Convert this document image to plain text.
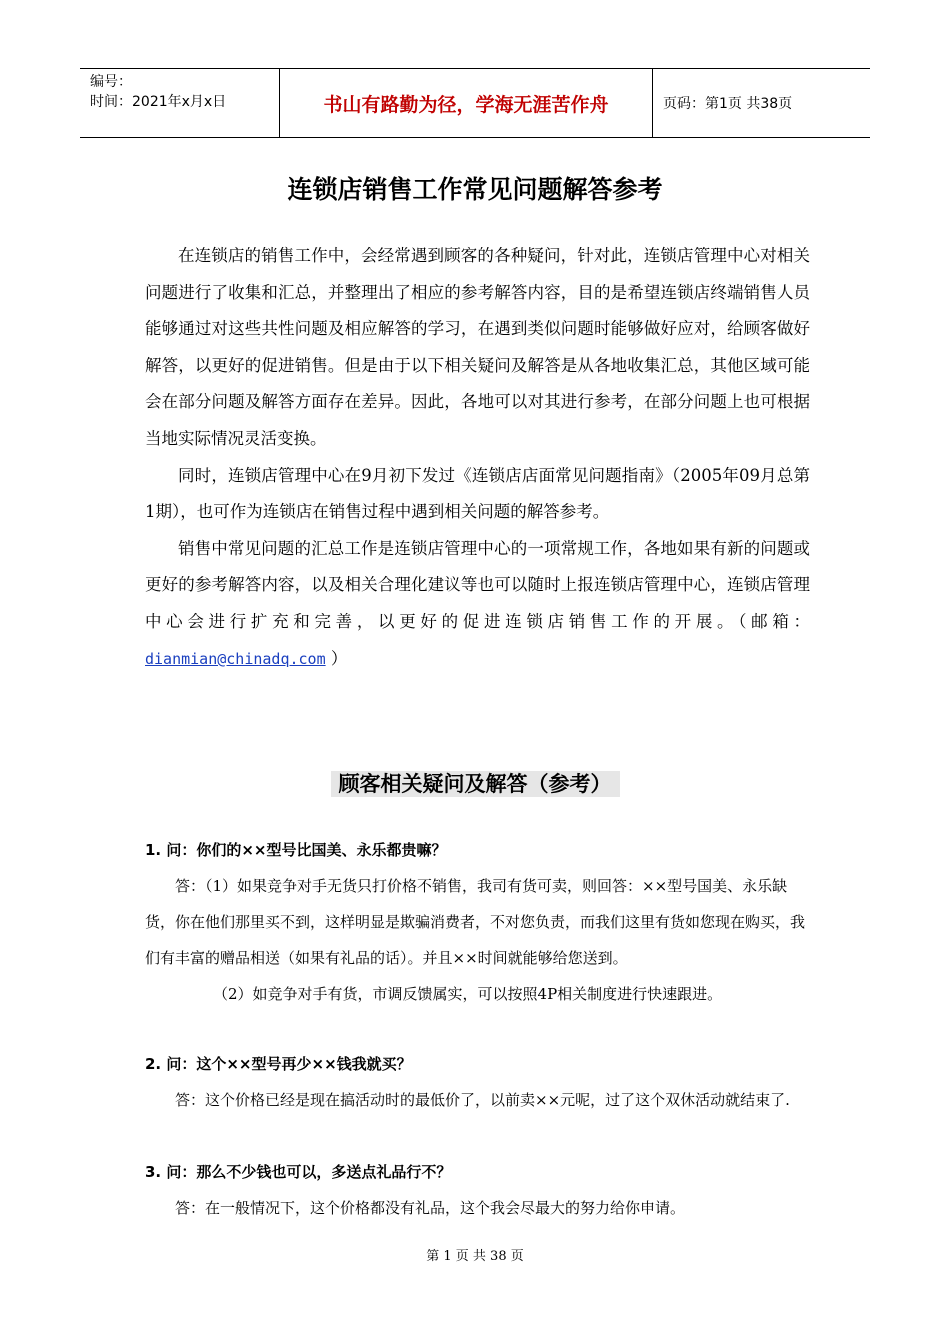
编号：
时间：2021年x月x日	书山有路勤为径，学海无涯苦作舟	页码：第1页 共38页
连锁店销售工作常见问题解答参考

在连锁店的销售工作中，会经常遇到顾客的各种疑问，针对此，连锁店管理中心对相关问题进行了收集和汇总，并整理出了相应的参考解答内容，目的是希望连锁店终端销售人员能够通过对这些共性问题及相应解答的学习，在遇到类似问题时能够做好应对，给顾客做好解答，以更好的促进销售。但是由于以下相关疑问及解答是从各地收集汇总，其他区域可能会在部分问题及解答方面存在差异。因此，各地可以对其进行参考，在部分问题上也可根据当地实际情况灵活变换。

同时，连锁店管理中心在9月初下发过《连锁店店面常见问题指南》（2005年09月总第1期），也可作为连锁店在销售过程中遇到相关问题的解答参考。

销售中常见问题的汇总工作是连锁店管理中心的一项常规工作，各地如果有新的问题或更好的参考解答内容，以及相关合理化建议等也可以随时上报连锁店管理中心，连锁店管理中心会进行扩充和完善，以更好的促进连锁店销售工作的开展。（邮箱：dianmian@chinadq.com ）

顾客相关疑问及解答（参考）
1. 问：你们的××型号比国美、永乐都贵嘛？

答：（1）如果竞争对手无货只打价格不销售，我司有货可卖，则回答：××型号国美、永乐缺货，你在他们那里买不到，这样明显是欺骗消费者，不对您负责，而我们这里有货如您现在购买，我们有丰富的赠品相送（如果有礼品的话）。并且××时间就能够给您送到。

（2）如竞争对手有货，市调反馈属实，可以按照4P相关制度进行快速跟进。

2. 问：这个××型号再少××钱我就买？

答：这个价格已经是现在搞活动时的最低价了，以前卖××元呢，过了这个双休活动就结束了.

3. 问：那么不少钱也可以，多送点礼品行不？

答：在一般情况下，这个价格都没有礼品，这个我会尽最大的努力给你申请。

第 1 页 共 38 页
